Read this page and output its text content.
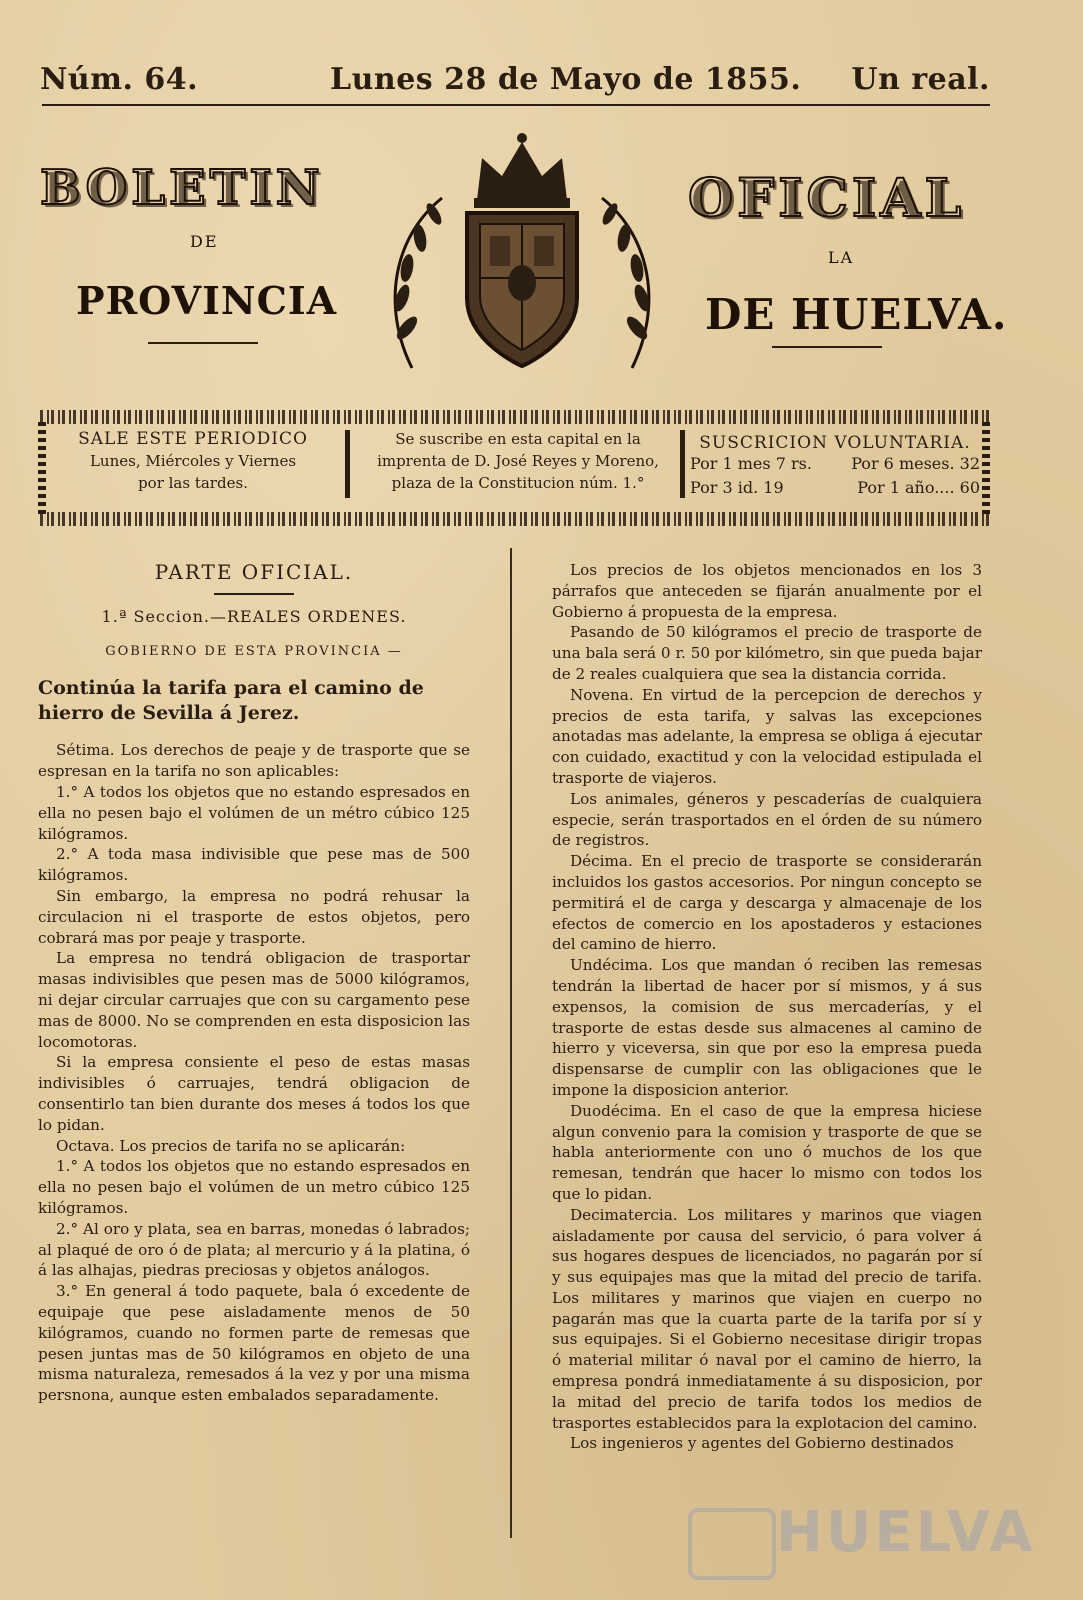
Núm. 64.	Lunes 28 de Mayo de 1855. Un real.
BOLETIN	OFICIAL
DE
LA
PROVINCIA	DE HUELVA.
SALE ESTE PERIODICO
Lunes, Miércoles y Viernes
por las tardes.
Se suscribe en esta capital en la
imprenta de D. José Reyes y Moreno,
plaza de la Constitucion núm. 1.°
SUSCRICION VOLUNTARIA.
Por 1 mes 7 rs. Por 6 meses. 32
Por 3 id. 19	Por 1 año.... 60

PARTE OFICIAL.

1.ª Seccion.—REALES ORDENES.

GOBIERNO DE ESTA PROVINCIA —

Continúa la tarifa para el camino de hierro de Sevilla á Jerez.

Sétima. Los derechos de peaje y de trasporte que se espresan en la tarifa no son aplicables:

1.° A todos los objetos que no estando espresados en ella no pesen bajo el volúmen de un métro cúbico 125 kilógramos.

2.° A toda masa indivisible que pese mas de 500 kilógramos.

Sin embargo, la empresa no podrá rehusar la circulacion ni el trasporte de estos objetos, pero cobrará mas por peaje y trasporte.

La empresa no tendrá obligacion de trasportar masas indivisibles que pesen mas de 5000 kilógramos, ni dejar circular carruajes que con su cargamento pese mas de 8000. No se comprenden en esta disposicion las locomotoras.

Si la empresa consiente el peso de estas masas indivisibles ó carruajes, tendrá obligacion de consentirlo tan bien durante dos meses á todos los que lo pidan.

Octava. Los precios de tarifa no se aplicarán:

1.° A todos los objetos que no estando espresados en ella no pesen bajo el volúmen de un metro cúbico 125 kilógramos.

2.° Al oro y plata, sea en barras, monedas ó labrados; al plaqué de oro ó de plata; al mercurio y á la platina, ó á las alhajas, piedras preciosas y objetos análogos.

3.° En general á todo paquete, bala ó excedente de equipaje que pese aisladamente menos de 50 kilógramos, cuando no formen parte de remesas que pesen juntas mas de 50 kilógramos en objeto de una misma naturaleza, remesados á la vez y por una misma persnona, aunque esten embalados separadamente.

Los precios de los objetos mencionados en los 3 párrafos que anteceden se fijarán anualmente por el Gobierno á propuesta de la empresa.

Pasando de 50 kilógramos el precio de trasporte de una bala será 0 r. 50 por kilómetro, sin que pueda bajar de 2 reales cualquiera que sea la distancia corrida.

Novena. En virtud de la percepcion de derechos y precios de esta tarifa, y salvas las excepciones anotadas mas adelante, la empresa se obliga á ejecutar con cuidado, exactitud y con la velocidad estipulada el trasporte de viajeros.

Los animales, géneros y pescaderías de cualquiera especie, serán trasportados en el órden de su número de registros.

Décima. En el precio de trasporte se considerarán incluidos los gastos accesorios. Por ningun concepto se permitirá el de carga y descarga y almacenaje de los efectos de comercio en los apostaderos y estaciones del camino de hierro.

Undécima. Los que mandan ó reciben las remesas tendrán la libertad de hacer por sí mismos, y á sus expensos, la comision de sus mercaderías, y el trasporte de estas desde sus almacenes al camino de hierro y viceversa, sin que por eso la empresa pueda dispensarse de cumplir con las obligaciones que le impone la disposicion anterior.

Duodécima. En el caso de que la empresa hiciese algun convenio para la comision y trasporte de que se habla anteriormente con uno ó muchos de los que remesan, tendrán que hacer lo mismo con todos los que lo pidan.

Decimatercia. Los militares y marinos que viagen aisladamente por causa del servicio, ó para volver á sus hogares despues de licenciados, no pagarán por sí y sus equipajes mas que la mitad del precio de tarifa. Los militares y marinos que viajen en cuerpo no pagarán mas que la cuarta parte de la tarifa por sí y sus equipajes. Si el Gobierno necesitase dirigir tropas ó material militar ó naval por el camino de hierro, la empresa pondrá inmediatamente á su disposicion, por la mitad del precio de tarifa todos los medios de trasportes establecidos para la explotacion del camino.

Los ingenieros y agentes del Gobierno destinados

HUELVA
